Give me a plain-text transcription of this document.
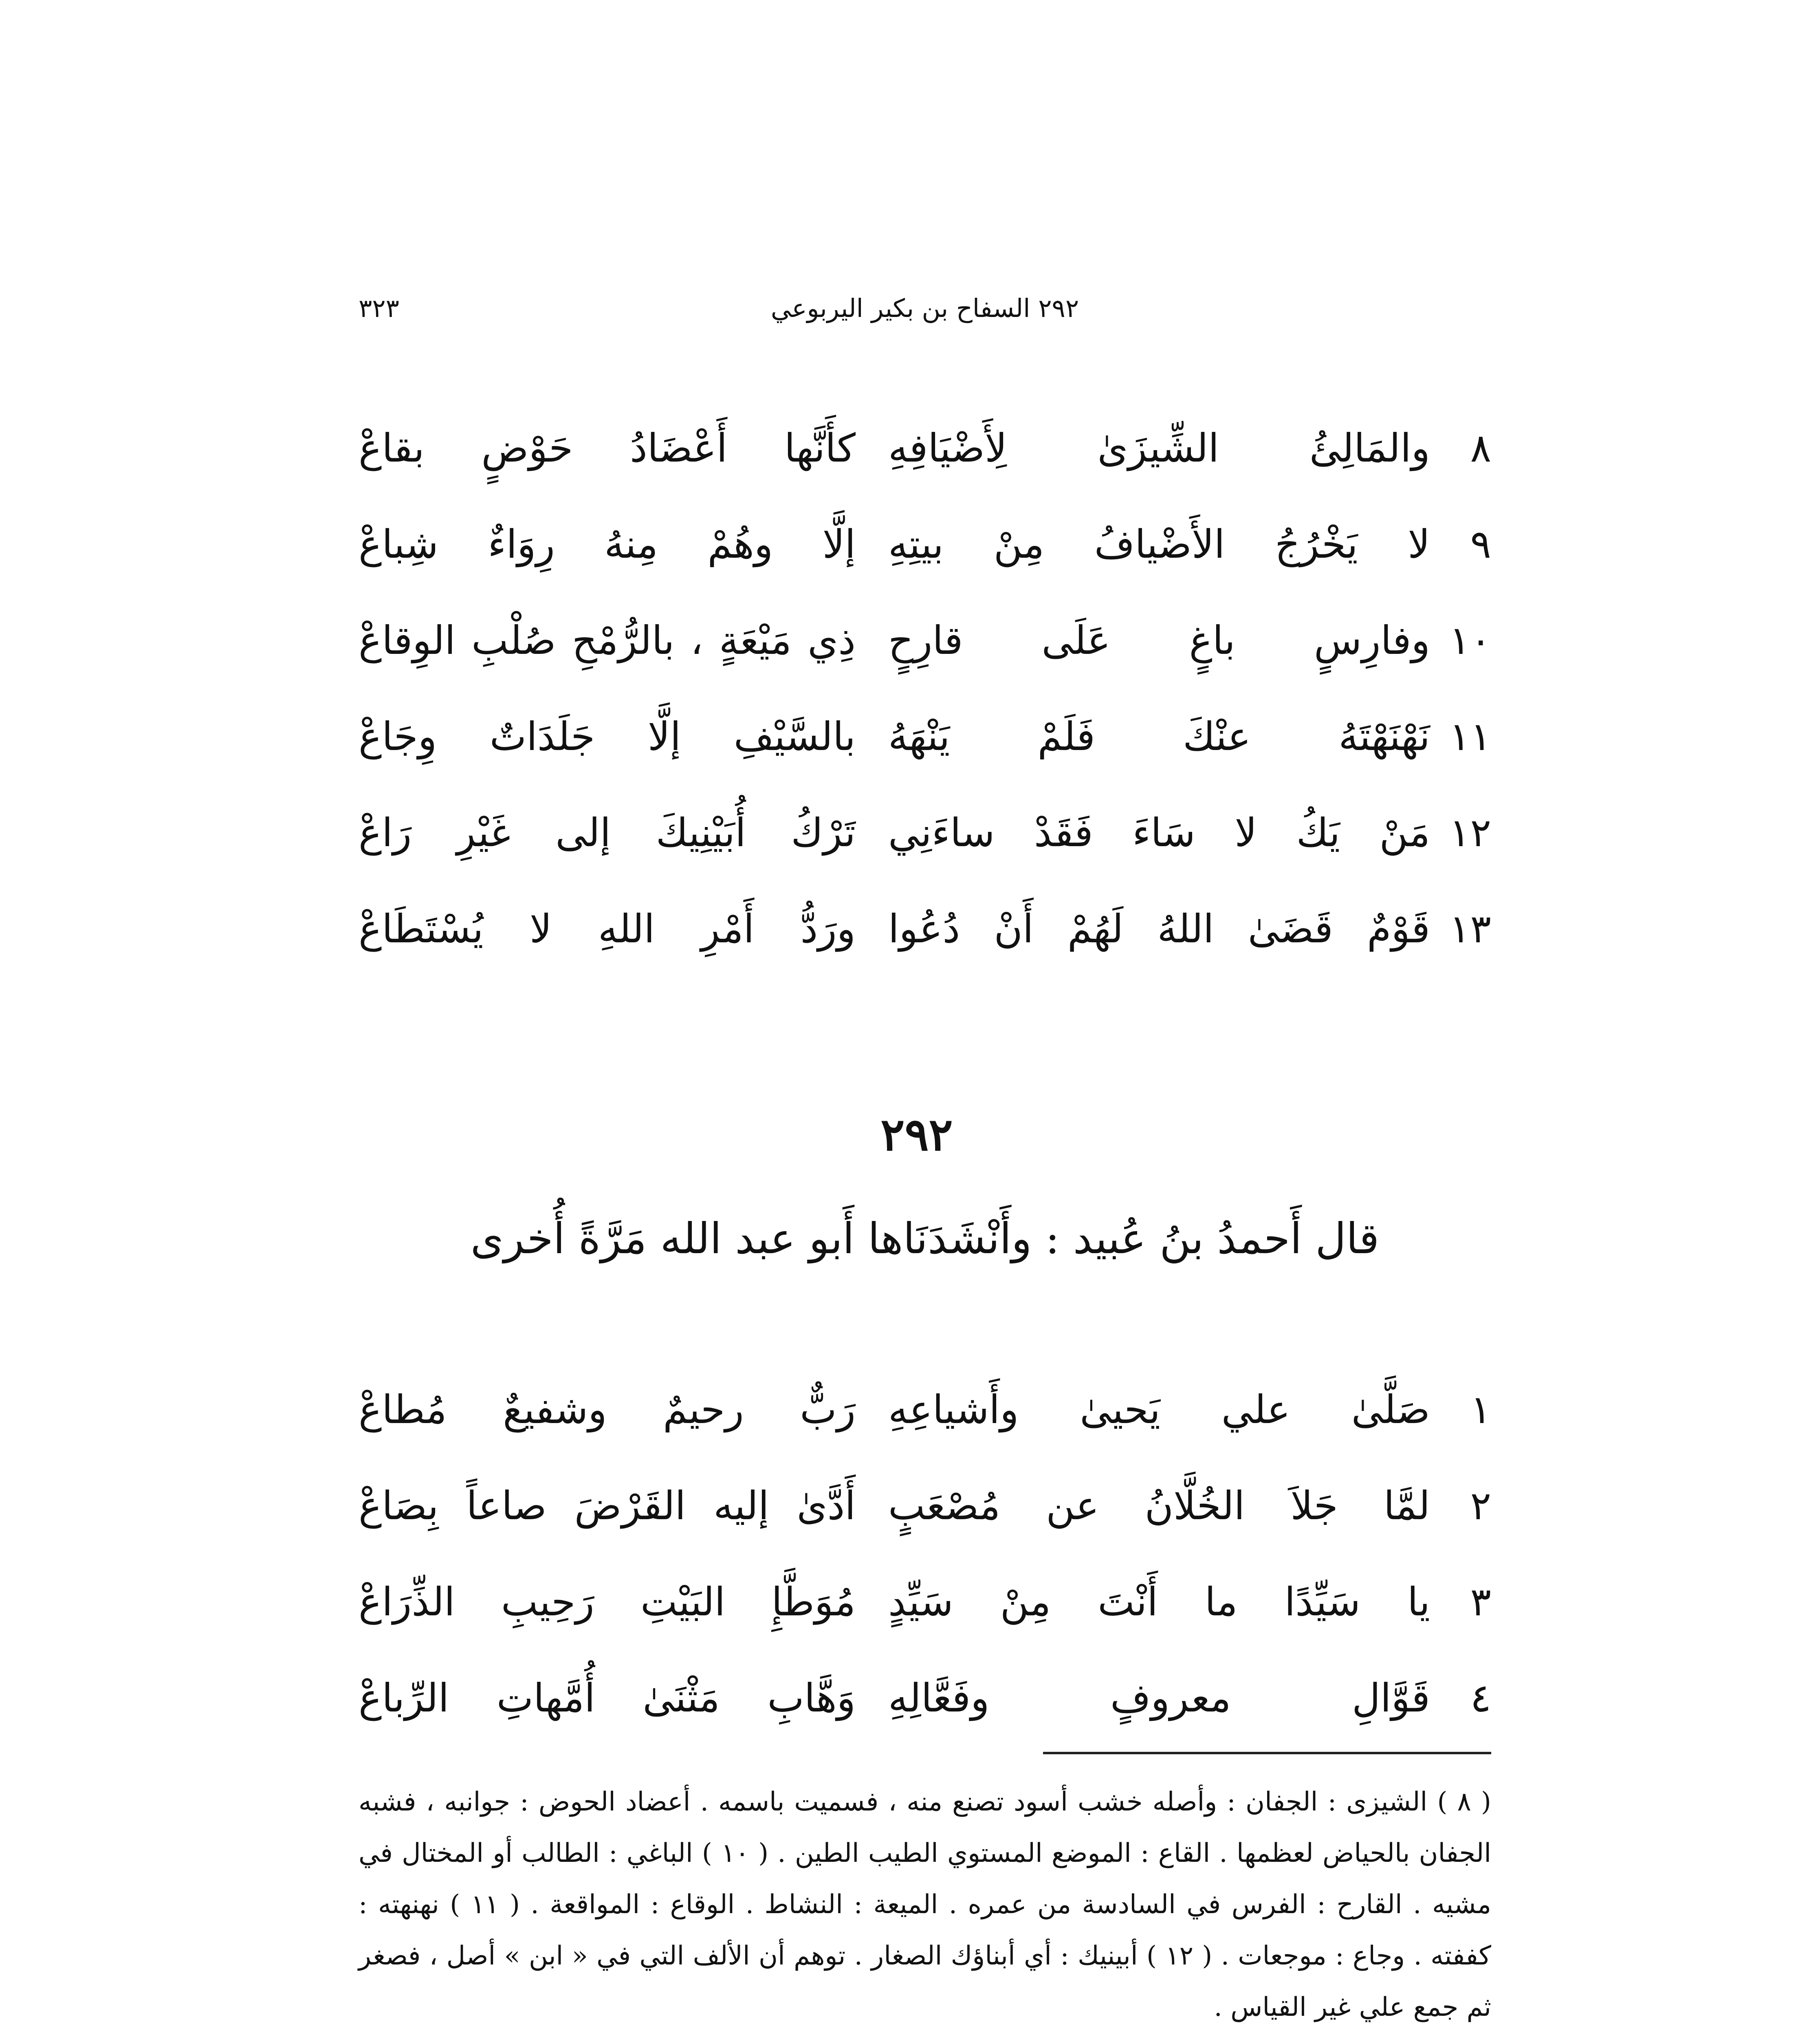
٣٢٣	٢٩٢ السفاح بن بكير اليربوعي
٨
والمَالِئُ الشِّيزَىٰ لِأَضْيَافِهِ
كأَنَّها أَعْضَادُ حَوْضٍ بقاعْ
٩
لا يَخْرُجُ الأَضْيافُ مِنْ بيتِهِ
إلَّا وهُمْ مِنهُ رِوَاءٌ شِباعْ
١٠
وفارِسٍ باغٍ عَلَى قارِحٍ
ذِي مَيْعَةٍ ، بالرُّمْحِ صُلْبِ الوِقاعْ
١١
نَهْنَهْتَهُ عنْكَ فَلَمْ يَنْهَهُ
بالسَّيْفِ إلَّا جَلَدَاتٌ وِجَاعْ
١٢
مَنْ يَكُ لا سَاءَ فَقَدْ ساءَنِي
تَرْكُ أُبَيْنِيكَ إلى غَيْرِ رَاعْ
١٣
قَوْمٌ قَضَىٰ اللهُ لَهُمْ أَنْ دُعُوا
ورَدُّ أَمْرِ اللهِ لا يُسْتَطَاعْ
٢٩٢
قال أَحمدُ بنُ عُبيد : وأَنْشَدَنَاها أَبو عبد الله مَرَّةً أُخرى
١
صَلَّىٰ علي يَحيىٰ وأَشياعِهِ
رَبٌّ رحيمٌ وشفيعٌ مُطاعْ
٢
لمَّا جَلاَ الخُلَّانُ عن مُصْعَبٍ
أَدَّىٰ إليه القَرْضَ صاعاً بِصَاعْ
٣
يا سَيِّدًا ما أَنْتَ مِنْ سَيِّدٍ
مُوَطَّإِ البَيْتِ رَحِيبِ الذِّرَاعْ
٤
قَوَّالِ معروفٍ وفَعَّالِهِ
وَهَّابِ مَثْنَىٰ أُمَّهاتِ الرِّباعْ

( ٨ ) الشيزى : الجفان : وأصله خشب أسود تصنع منه ، فسميت باسمه . أعضاد الحوض : جوانبه ، فشبه الجفان بالحياض لعظمها . القاع : الموضع المستوي الطيب الطين . ( ١٠ ) الباغي : الطالب أو المختال في مشيه . القارح : الفرس في السادسة من عمره . الميعة : النشاط . الوقاع : المواقعة . ( ١١ ) نهنهته : كففته . وجاع : موجعات . ( ١٢ ) أبينيك : أي أبناؤك الصغار . توهم أن الألف التي في « ابن » أصل ، فصغر ثم جمع علي غير القياس .
